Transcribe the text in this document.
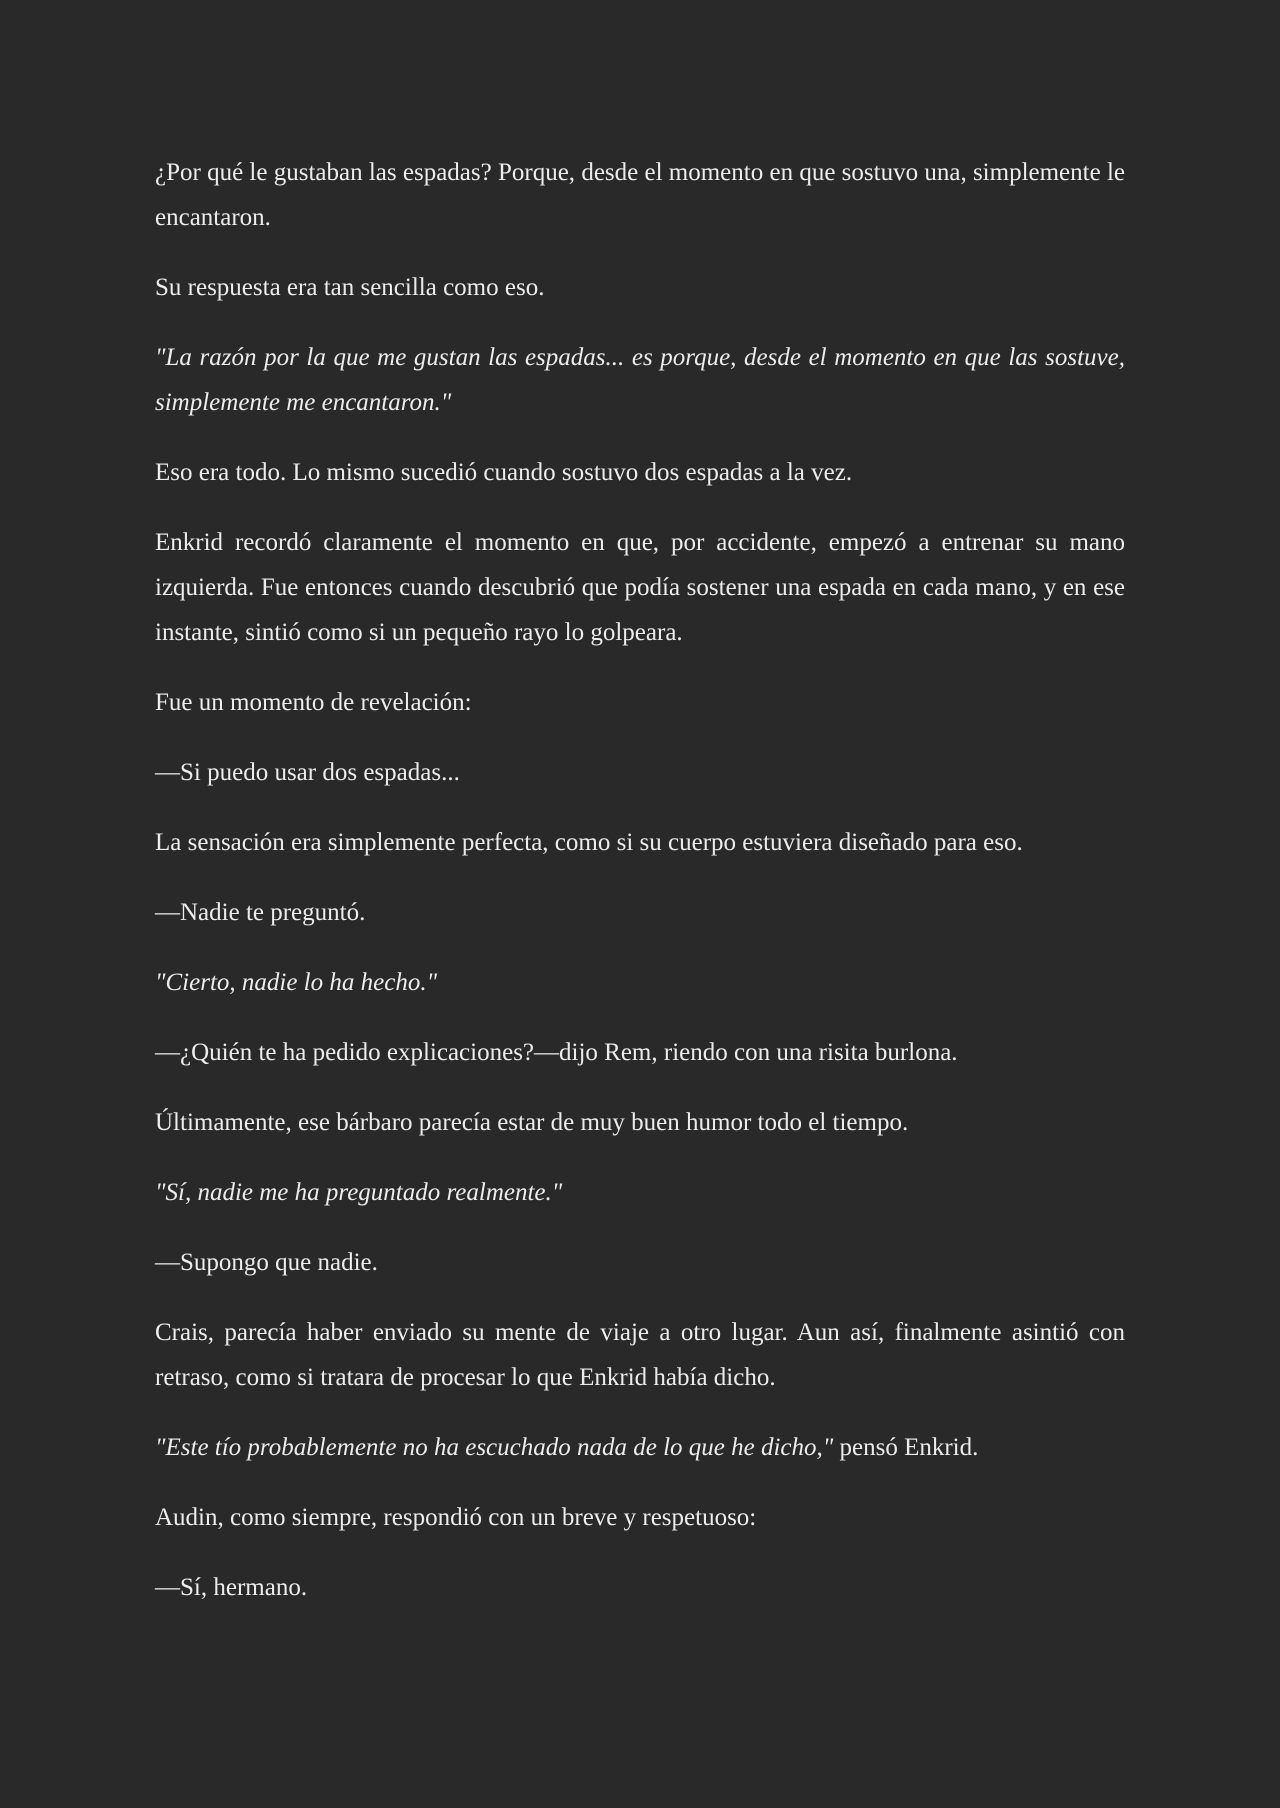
¿Por qué le gustaban las espadas? Porque, desde el momento en que sostuvo una, simplemente le encantaron.

Su respuesta era tan sencilla como eso.

"La razón por la que me gustan las espadas... es porque, desde el momento en que las sostuve, simplemente me encantaron."

Eso era todo. Lo mismo sucedió cuando sostuvo dos espadas a la vez.

Enkrid recordó claramente el momento en que, por accidente, empezó a entrenar su mano izquierda. Fue entonces cuando descubrió que podía sostener una espada en cada mano, y en ese instante, sintió como si un pequeño rayo lo golpeara.

Fue un momento de revelación:

—Si puedo usar dos espadas...

La sensación era simplemente perfecta, como si su cuerpo estuviera diseñado para eso.

—Nadie te preguntó.

"Cierto, nadie lo ha hecho."

—¿Quién te ha pedido explicaciones?—dijo Rem, riendo con una risita burlona.

Últimamente, ese bárbaro parecía estar de muy buen humor todo el tiempo.

"Sí, nadie me ha preguntado realmente."

—Supongo que nadie.

Crais, parecía haber enviado su mente de viaje a otro lugar. Aun así, finalmente asintió con retraso, como si tratara de procesar lo que Enkrid había dicho.

"Este tío probablemente no ha escuchado nada de lo que he dicho," pensó Enkrid.

Audin, como siempre, respondió con un breve y respetuoso:

—Sí, hermano.
